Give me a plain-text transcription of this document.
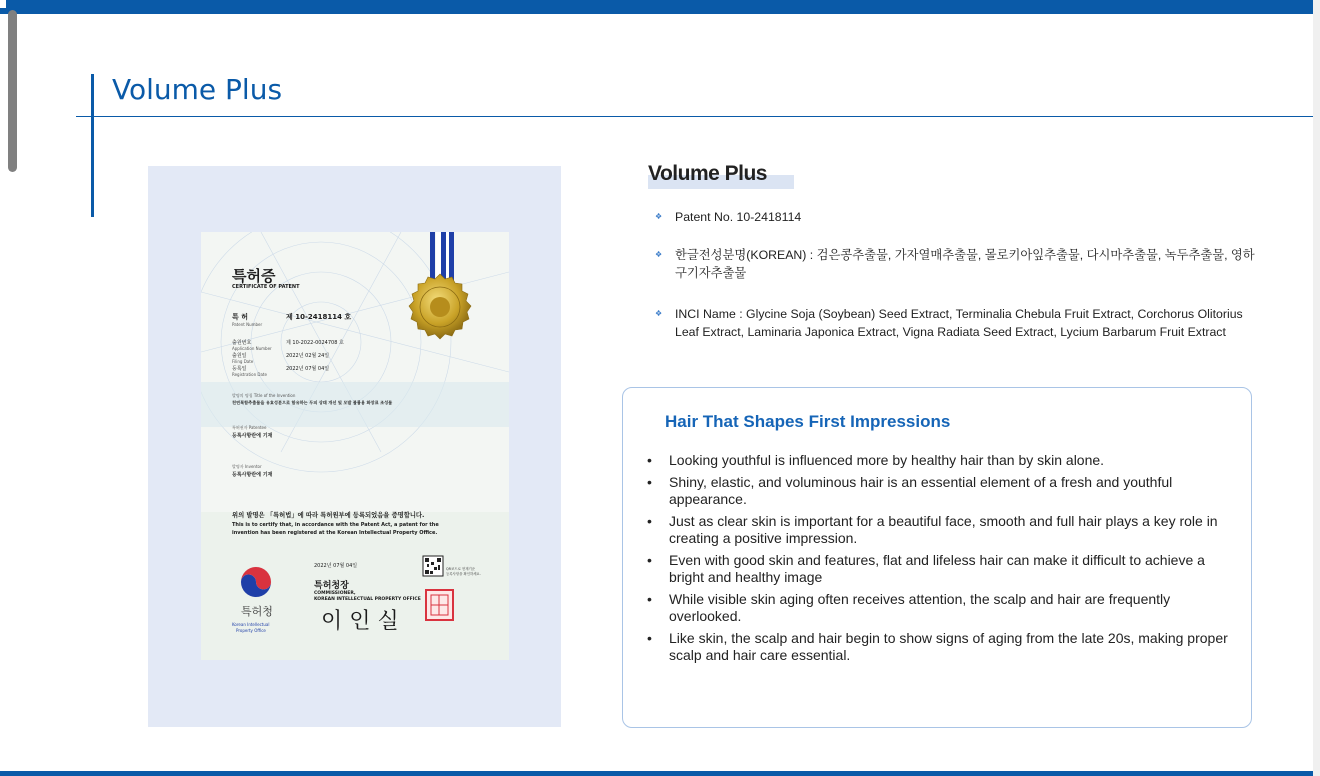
Volume Plus
특허증
CERTIFICATE OF PATENT
특 허
Patent Number
제 10-2418114 호
출원번호
Application Number
제 10-2022-0024708 호
출원일
Filing Date
2022년 02월 24일
등록일
Registration Date
2022년 07월 04일
발명의 명칭 Title of the Invention
천연복합추출물을 유효성분으로 함유하는 두피 상태 개선 및 모발 볼륨용 화장료 조성물
특허권자 Patentee
등록사항란에 기재
발명자 Inventor
등록사항란에 기재
위의 발명은 「특허법」에 따라 특허원부에 등록되었음을 증명합니다.
This is to certify that, in accordance with the Patent Act, a patent for the
invention has been registered at the Korean Intellectual Property Office.
2022년 07월 04일
특허청장
COMMISSIONER,
KOREAN INTELLECTUAL PROPERTY OFFICE
이 인 실
특허청
Korean Intellectual
Property Office
QR코드로 현재기준
등록사항을 확인하세요.
Volume Plus
❖ Patent No. 10-2418114
❖ 한글전성분명(KOREAN) : 검은콩추출물, 가자열매추출물, 몰로키아잎추출물, 다시마추출물, 녹두추출물, 영하구기자추출물
❖ INCI Name : Glycine Soja (Soybean) Seed Extract, Terminalia Chebula Fruit Extract, Corchorus Olitorius Leaf Extract, Laminaria Japonica Extract, Vigna Radiata Seed Extract, Lycium Barbarum Fruit Extract
Hair That Shapes First Impressions
• Looking youthful is influenced more by healthy hair than by skin alone.
• Shiny, elastic, and voluminous hair is an essential element of a fresh and youthful appearance.
• Just as clear skin is important for a beautiful face, smooth and full hair plays a key role in creating a positive impression.
• Even with good skin and features, flat and lifeless hair can make it difficult to achieve a bright and healthy image
• While visible skin aging often receives attention, the scalp and hair are frequently overlooked.
• Like skin, the scalp and hair begin to show signs of aging from the late 20s, making proper scalp and hair care essential.
